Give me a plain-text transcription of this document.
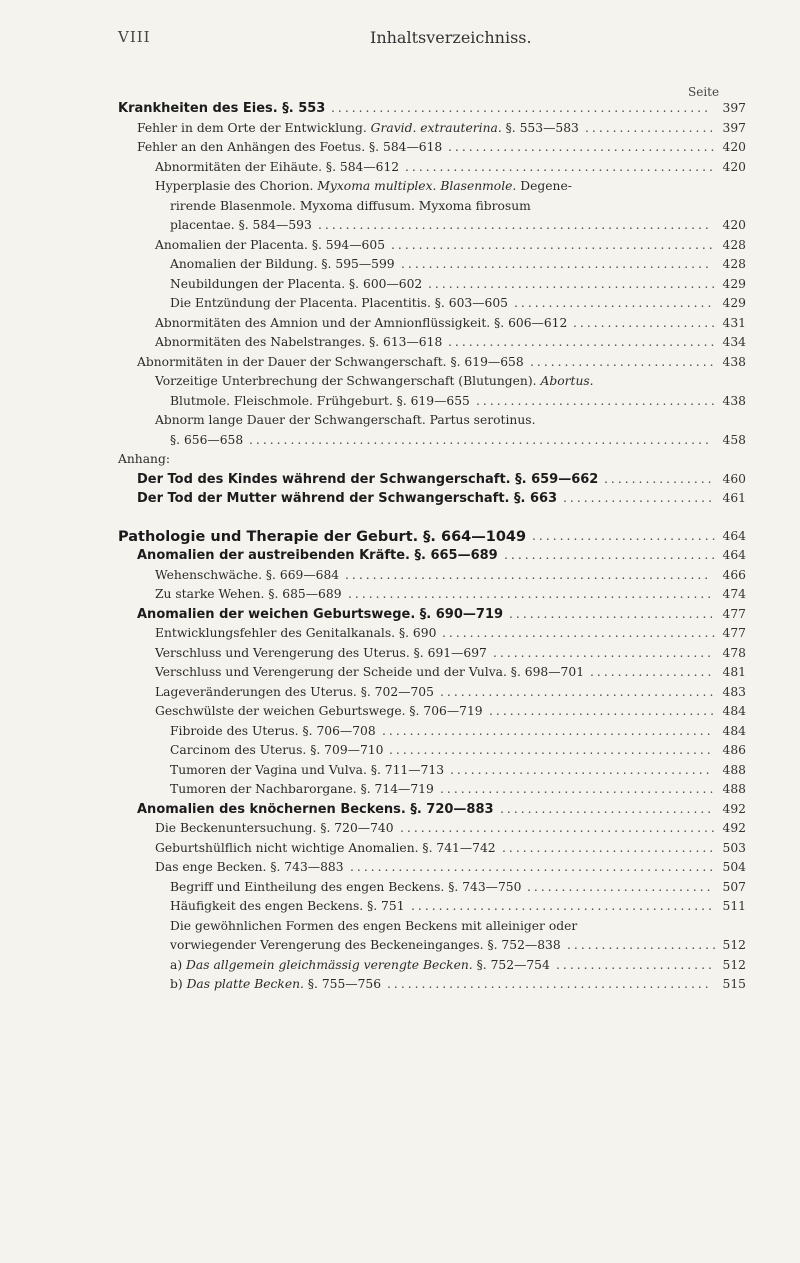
VIII	Inhaltsverzeichniss.
Seite
Krankheiten des Eies. §. 553 ....................................................... 397
Fehler in dem Orte der Entwicklung. Gravid. extrauterina. §. 553—583 ................... 397
Fehler an den Anhängen des Foetus. §. 584—618 ....................................... 420
Abnormitäten der Eihäute. §. 584—612 ............................................. 420
Hyperplasie des Chorion. Myxoma multiplex. Blasenmole. Degene-
rirende Blasenmole. Myxoma diffusum. Myxoma fibrosum
placentae. §. 584—593 ......................................................... 420
Anomalien der Placenta. §. 594—605 ............................................... 428
Anomalien der Bildung. §. 595—599 ............................................. 428
Neubildungen der Placenta. §. 600—602 .......................................... 429
Die Entzündung der Placenta. Placentitis. §. 603—605 ............................. 429
Abnormitäten des Amnion und der Amnionflüssigkeit. §. 606—612 ..................... 431
Abnormitäten des Nabelstranges. §. 613—618 ....................................... 434
Abnormitäten in der Dauer der Schwangerschaft. §. 619—658 ........................... 438
Vorzeitige Unterbrechung der Schwangerschaft (Blutungen). Abortus.
Blutmole. Fleischmole. Frühgeburt. §. 619—655 ................................... 438
Abnorm lange Dauer der Schwangerschaft. Partus serotinus.
§. 656—658 ................................................................... 458
Anhang:
Der Tod des Kindes während der Schwangerschaft. §. 659—662 ................ 460
Der Tod der Mutter während der Schwangerschaft. §. 663 ...................... 461
Pathologie und Therapie der Geburt. §. 664—1049 ........................... 464
Anomalien der austreibenden Kräfte. §. 665—689 ............................... 464
Wehenschwäche. §. 669—684 ..................................................... 466
Zu starke Wehen. §. 685—689 ..................................................... 474
Anomalien der weichen Geburtswege. §. 690—719 .............................. 477
Entwicklungsfehler des Genitalkanals. §. 690 ........................................ 477
Verschluss und Verengerung des Uterus. §. 691—697 ................................ 478
Verschluss und Verengerung der Scheide und der Vulva. §. 698—701 .................. 481
Lageveränderungen des Uterus. §. 702—705 ........................................ 483
Geschwülste der weichen Geburtswege. §. 706—719 ................................. 484
Fibroide des Uterus. §. 706—708 ................................................ 484
Carcinom des Uterus. §. 709—710 ............................................... 486
Tumoren der Vagina und Vulva. §. 711—713 ...................................... 488
Tumoren der Nachbarorgane. §. 714—719 ........................................ 488
Anomalien des knöchernen Beckens. §. 720—883 ............................... 492
Die Beckenuntersuchung. §. 720—740 .............................................. 492
Geburtshülflich nicht wichtige Anomalien. §. 741—742 ............................... 503
Das enge Becken. §. 743—883 ..................................................... 504
Begriff und Eintheilung des engen Beckens. §. 743—750 ........................... 507
Häufigkeit des engen Beckens. §. 751 ............................................ 511
Die gewöhnlichen Formen des engen Beckens mit alleiniger oder
vorwiegender Verengerung des Beckeneinganges. §. 752—838 ...................... 512
a) Das allgemein gleichmässig verengte Becken. §. 752—754 ....................... 512
b) Das platte Becken. §. 755—756 ............................................... 515
